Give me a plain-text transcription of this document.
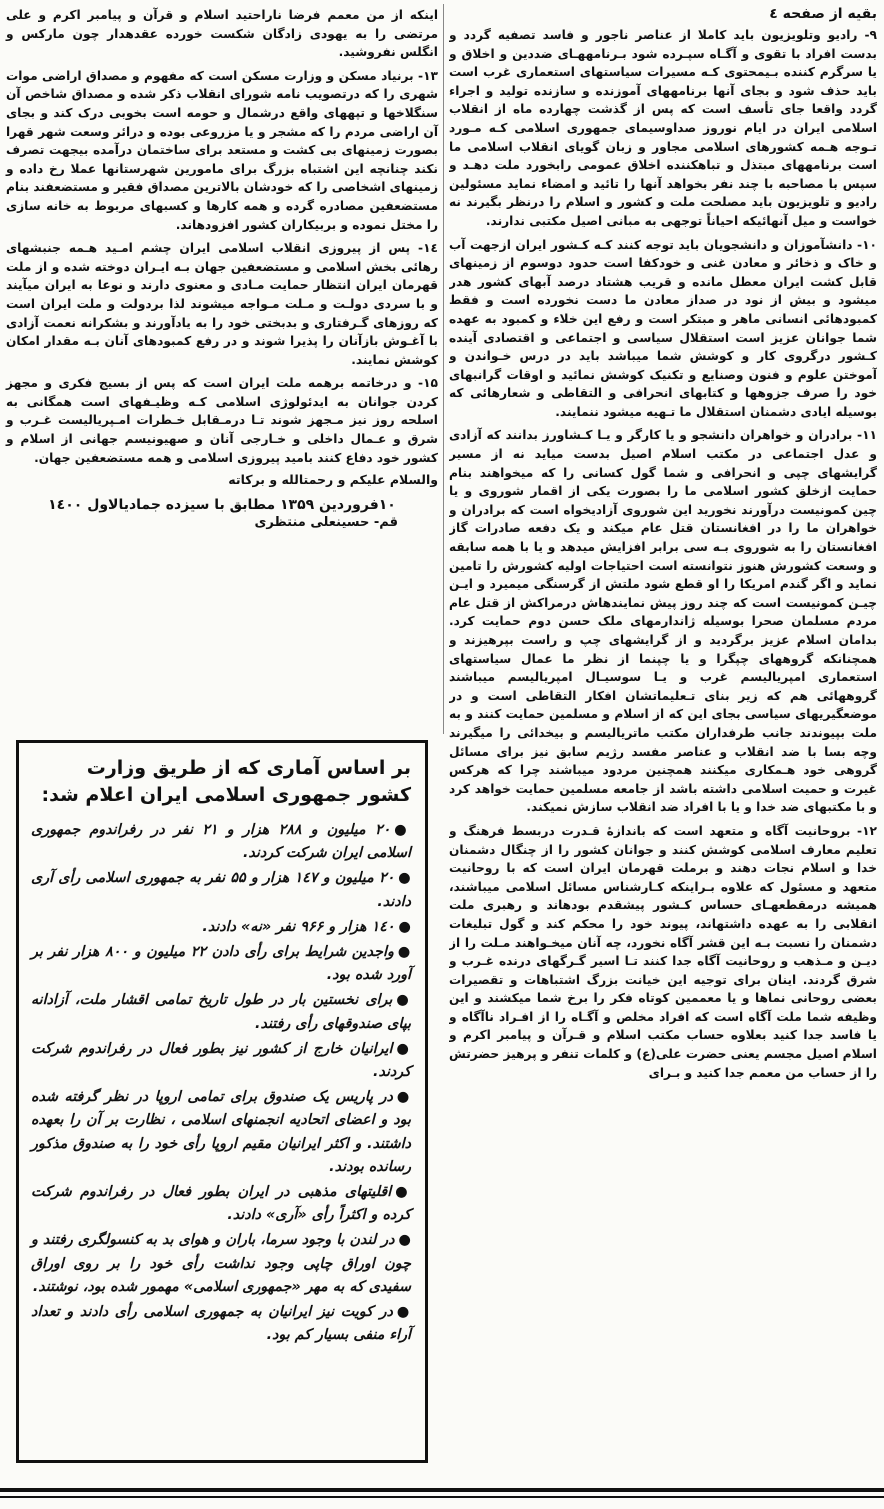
بقیه از صفحه ٤

۹- رادیو وتلویزیون باید کاملا از عناصر ناجور و فاسد تصفیه گردد و بدست افراد با تقوی و آگـاه سپـرده شود بـرنامههـای ضددین و اخلاق و یا سرگرم کننده بـیمحتوی کـه مسیرات سیاستهای استعماری غرب است باید حذف شود و بجای آنها برنامههای آموزنده و سازنده تولید و اجراء گردد واقعا جای تأسف است که پس از گذشت چهارده ماه از انقلاب اسلامی ایران در ایام نوروز صداوسیمای جمهوری اسلامی کـه مـورد تـوجه هـمه کشورهای اسلامی مجاور و زبان گویای انقلاب اسلامی ما است برنامههای مبتذل و تباهکننده اخلاق عمومی رابخورد ملت دهـد و سپس با مصاحبه با چند نفر بخواهد آنها را تائید و امضاء نماید مسئولین رادیو و تلویزیون باید مصلحت ملت و کشور و اسلام را درنظر بگیرند نه خواست و میل آنهائیکه احیاناً توجهی به مبانی اصیل مکتبی ندارند.

۱۰- دانشآموزان و دانشجویان باید توجه کنند کـه کـشور ایران ازجهت آب و خاک و ذخائر و معادن غنی و خودکفا است حدود دوسوم از زمینهای قابل کشت ایران معطل مانده و قریب هشتاد درصد آبهای کشور هدر میشود و بیش از نود در صداز معادن ما دست نخورده است و فقط کمبودهائی انسانی ماهر و مبتکر است و رفع این خلاء و کمبود به عهده شما جوانان عزیز است استقلال سیاسی و اجتماعی و اقتصادی آینده کـشور درگروی کار و کوشش شما میباشد باید در درس خـواندن و آموختن علوم و فنون وصنایع و تکنیک کوشش نمائید و اوقات گرانبهای خود را صرف جزوهها و کتابهای انحرافی و التقاطی و شعارهائی که بوسیله ایادی دشمنان استقلال ما تـهیه میشود ننمایند.

۱۱- برادران و خواهران دانشجو و یا کارگر و یـا کـشاورز بدانند که آزادی و عدل اجتماعی در مکتب اسلام اصیل بدست میاید نه از مسیر گرایشهای چپی و انحرافی و شما گول کسانی را که میخواهند بنام حمایت ازخلق کشور اسلامی ما را بصورت یکی از اقمار شوروی و یا چین کمونیست درآورند نخورید این شوروی آزادیخواه است که برادران و خواهران ما را در افغانستان قتل عام میکند و یک دفعه صادرات گاز افغانستان را به شوروی بـه سی برابر افزایش میدهد و یا با همه سابقه و وسعت کشورش هنوز نتوانسته است احتیاجات اولیه کشورش را تامین نماید و اگر گندم امریکا را او قطع شود ملتش از گرسنگی میمیرد و ایـن چیـن کمونیست است که چند روز پیش نمایندهاش درمراکش از قتل عام مردم مسلمان صحرا بوسیله ژاندارمهای ملک حسن دوم حمایت کرد. بدامان اسلام عزیز برگردید و از گرایشهای چپ و راست بپرهیزند و همچنانکه گروههای چپگرا و یا چپنما از نظر ما عمال سیاستهای استعماری امپریالیسم غرب و یـا سوسیـال امپریالیسم میباشند گروههائی هم که زیر بنای تـعلیماتشان افکار التقاطی است و در موضعگیریهای سیاسی بجای این که از اسلام و مسلمین حمایت کنند و به ملت بپیوندند جانب طرفداران مکتب ماتریالیسم و بیخدائی را میگیرند وچه بسا با ضد انقلاب و عناصر مفسد رژیم سابق نیز برای مسائل گروهی خود هـمکاری میکنند همچنین مردود میباشند چرا که هرکس غیرت و حمیت اسلامی داشته باشد از جامعه مسلمین حمایت خواهد کرد و با مکتبهای ضد خدا و یا با افراد ضد انقلاب سازش نمیکند.

۱۲- بروحانیت آگاه و متعهد است که باندازهٔ قـدرت دربسط فرهنگ و تعلیم معارف اسلامی کوشش کنند و جوانان کشور را از چنگال دشمنان خدا و اسلام نجات دهند و برملت قهرمان ایران است که با روحانیت متعهد و مسئول که علاوه بـراینکه کـارشناس مسائل اسلامی میباشند، همیشه درمقطعهـای حساس کـشور پیشقدم بودهاند و رهبری ملت انقلابی را به عهده داشتهاند، پیوند خود را محکم کند و گول تبلیغات دشمنان را نسبت بـه این قشر آگاه نخورد، چه آنان میخـواهند مـلت را از دیـن و مـذهب و روحانیت آگاه جدا کنند تـا اسیر گـرگهای درنده غـرب و شرق گردند. اینان برای توجیه این خیانت بزرگ اشتباهات و تقصیرات بعضی روحانی نماها و یا معممین کوتاه فکر را برخ شما میکشند و این وظیفه شما ملت آگاه است که افراد مخلص و آگـاه را از افـراد ناآگاه و یا فاسد جدا کنید بعلاوه حساب مکتب اسلام و قـرآن و پیامبر اکرم و اسلام اصیل مجسم یعنی حضرت علی(ع) و کلمات تنفر و پرهیز حضرتش را از حساب من معمم جدا کنید و بـرای

اینکه از من معمم فرضا ناراحتید اسلام و قرآن و پیامبر اکرم و علی مرتضی را به یهودی زادگان شکست خورده عقدهدار چون مارکس و انگلس نفروشید.

۱۳- برنیاد مسکن و وزارت مسکن است که مفهوم و مصداق اراضی موات شهری را که درتصویب نامه شورای انقلاب ذکر شده و مصداق شاخص آن سنگلاخها و تپههای واقع درشمال و حومه است بخوبی درک کند و بجای آن اراضی مردم را که مشجر و یا مزروعی بوده و درائر وسعت شهر قهرا بصورت زمینهای بی کشت و مستعد برای ساختمان درآمده بیجهت تصرف نکند چنانچه این اشتباه بزرگ برای مامورین شهرستانها عملا رخ داده و زمینهای اشخاصی را که خودشان بالاترین مصداق فقیر و مستضعفند بنام مستضعفین مصادره گرده و همه کارها و کسبهای مربوط به خانه سازی را مختل نموده و بربیکاران کشور افزودهاند.

۱٤- پس از پیروزی انقلاب اسلامی ایران چشم امـید هـمه جنبشهای رهائی بخش اسلامی و مستضعفین جهان بـه ایـران دوخته شده و از ملت قهرمان ایران انتظار حمایت مـادی و معنوی دارند و نوعا به ایران میآیند و با سردی دولـت و مـلت مـواجه میشوند لذا بردولت و ملت ایران است که روزهای گـرفتاری و بدبختی خود را به یادآورند و بشکرانه نعمت آزادی با آغـوش بازآنان را پذیرا شوند و در رفع کمبودهای آنان بـه مقدار امکان کوشش نمایند.

۱۵- و درخاتمه برهمه ملت ایران است که پس از بسیج فکری و مجهز کردن جوانان به ایدئولوژی اسلامی کـه وظیـفهای است همگانی به اسلحه روز نیز مـجهز شوند تـا درمـقابل خـطرات امـپریالیست غـرب و شرق و عـمال داخلی و خـارجی آنان و صهیونیسم جهانی از اسلام و کشور خود دفاع کنند بامید پیروزی اسلامی و همه مستضعفین جهان.

والسلام علیکم و رحمتالله و برکاته
۱۰فروردین ۱۳۵۹ مطابق با سیزده جمادیالاول ۱٤۰۰
قم- حسینعلی منتظری
بر اساس آماری که از طریق وزارت کشور جمهوری اسلامی ایران اعلام شد:
●۲۰ میلیون و ۲۸۸ هزار و ۲۱ نفر در رفراندوم جمهوری اسلامی ایران شرکت کردند.
●۲۰ میلیون و ۱٤۷ هزار و ۵۵ نفر به جمهوری اسلامی رأی آری دادند.
●۱٤۰ هزار و ۹۶۶ نفر «نه» دادند.
●واجدین شرایط برای رأی دادن ۲۲ میلیون و ۸۰۰ هزار نفر بر آورد شده بود.
●برای نخستین بار در طول تاریخ تمامی اقشار ملت، آزادانه بپای صندوقهای رأی رفتند.
●ایرانیان خارج از کشور نیز بطور فعال در رفراندوم شرکت کردند.
●در پاریس یک صندوق برای تمامی اروپا در نظر گرفته شده بود و اعضای اتحادیه انجمنهای اسلامی ، نظارت بر آن را بعهده داشتند. و اکثر ایرانیان مقیم اروپا رأی خود را به صندوق مذکور رسانده بودند.
●اقلیتهای مذهبی در ایران بطور فعال در رفراندوم شرکت کرده و اکثراً رأی «آری» دادند.
●در لندن با وجود سرما، باران و هوای بد به کنسولگری رفتند و چون اوراق چاپی وجود نداشت رأی خود را بر روی اوراق سفیدی که به مهر «جمهوری اسلامی» مهمور شده بود، نوشتند.
●در کویت نیز ایرانیان به جمهوری اسلامی رأی دادند و تعداد آراء منفی بسیار کم بود.
